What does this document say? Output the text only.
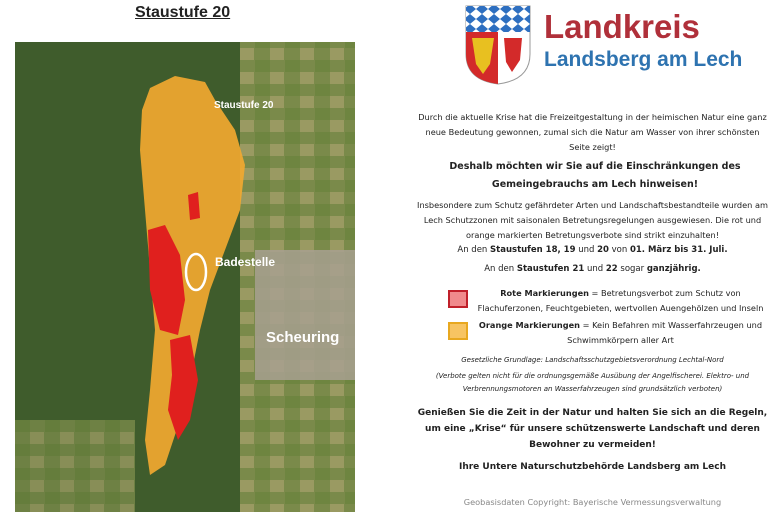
Staustufe 20
Staustufe 20
Badestelle
Scheuring
Landkreis
Landsberg am Lech
Durch die aktuelle Krise hat die Freizeitgestaltung in der heimischen Natur eine ganz neue Bedeutung gewonnen, zumal sich die Natur am Wasser von ihrer schönsten Seite zeigt!
Deshalb möchten wir Sie auf die Einschränkungen des Gemeingebrauchs am Lech hinweisen!
Insbesondere zum Schutz gefährdeter Arten und Landschaftsbestandteile wurden am Lech Schutzzonen mit saisonalen Betretungsregelungen ausgewiesen. Die rot und orange markierten Betretungsverbote sind strikt einzuhalten!
An den Staustufen 18, 19 und 20 von 01. März bis 31. Juli.
An den Staustufen 21 und 22 sogar ganzjährig.
Rote Markierungen = Betretungsverbot zum Schutz von Flachuferzonen, Feuchtgebieten, wertvollen Auengehölzen und Inseln
Orange Markierungen = Kein Befahren mit Wasserfahrzeugen und Schwimmkörpern aller Art
Gesetzliche Grundlage: Landschaftsschutzgebietsverordnung Lechtal-Nord
(Verbote gelten nicht für die ordnungsgemäße Ausübung der Angelfischerei. Elektro- und Verbrennungsmotoren an Wasserfahrzeugen sind grundsätzlich verboten)
Genießen Sie die Zeit in der Natur und halten Sie sich an die Regeln, um eine „Krise“ für unsere schützenswerte Landschaft und deren Bewohner zu vermeiden!
Ihre Untere Naturschutzbehörde Landsberg am Lech
Geobasisdaten Copyright: Bayerische Vermessungsverwaltung
